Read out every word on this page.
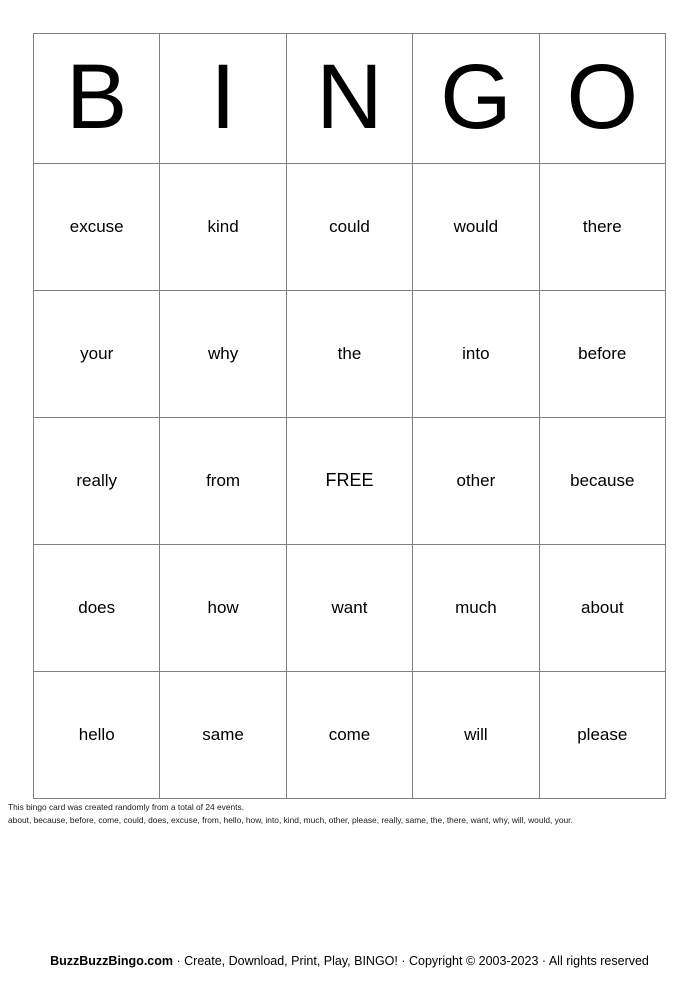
B	I	N	G	O

excuse	kind	could	would	there

your	why	the	into	before

really	from	FREE	other	because

does	how	want	much	about

hello	same	come	will	please
This bingo card was created randomly from a total of 24 events.
about, because, before, come, could, does, excuse, from, hello, how, into, kind, much, other, please, really, same, the, there, want, why, will, would, your.
BuzzBuzzBingo.com · Create, Download, Print, Play, BINGO! · Copyright © 2003-2023 · All rights reserved
